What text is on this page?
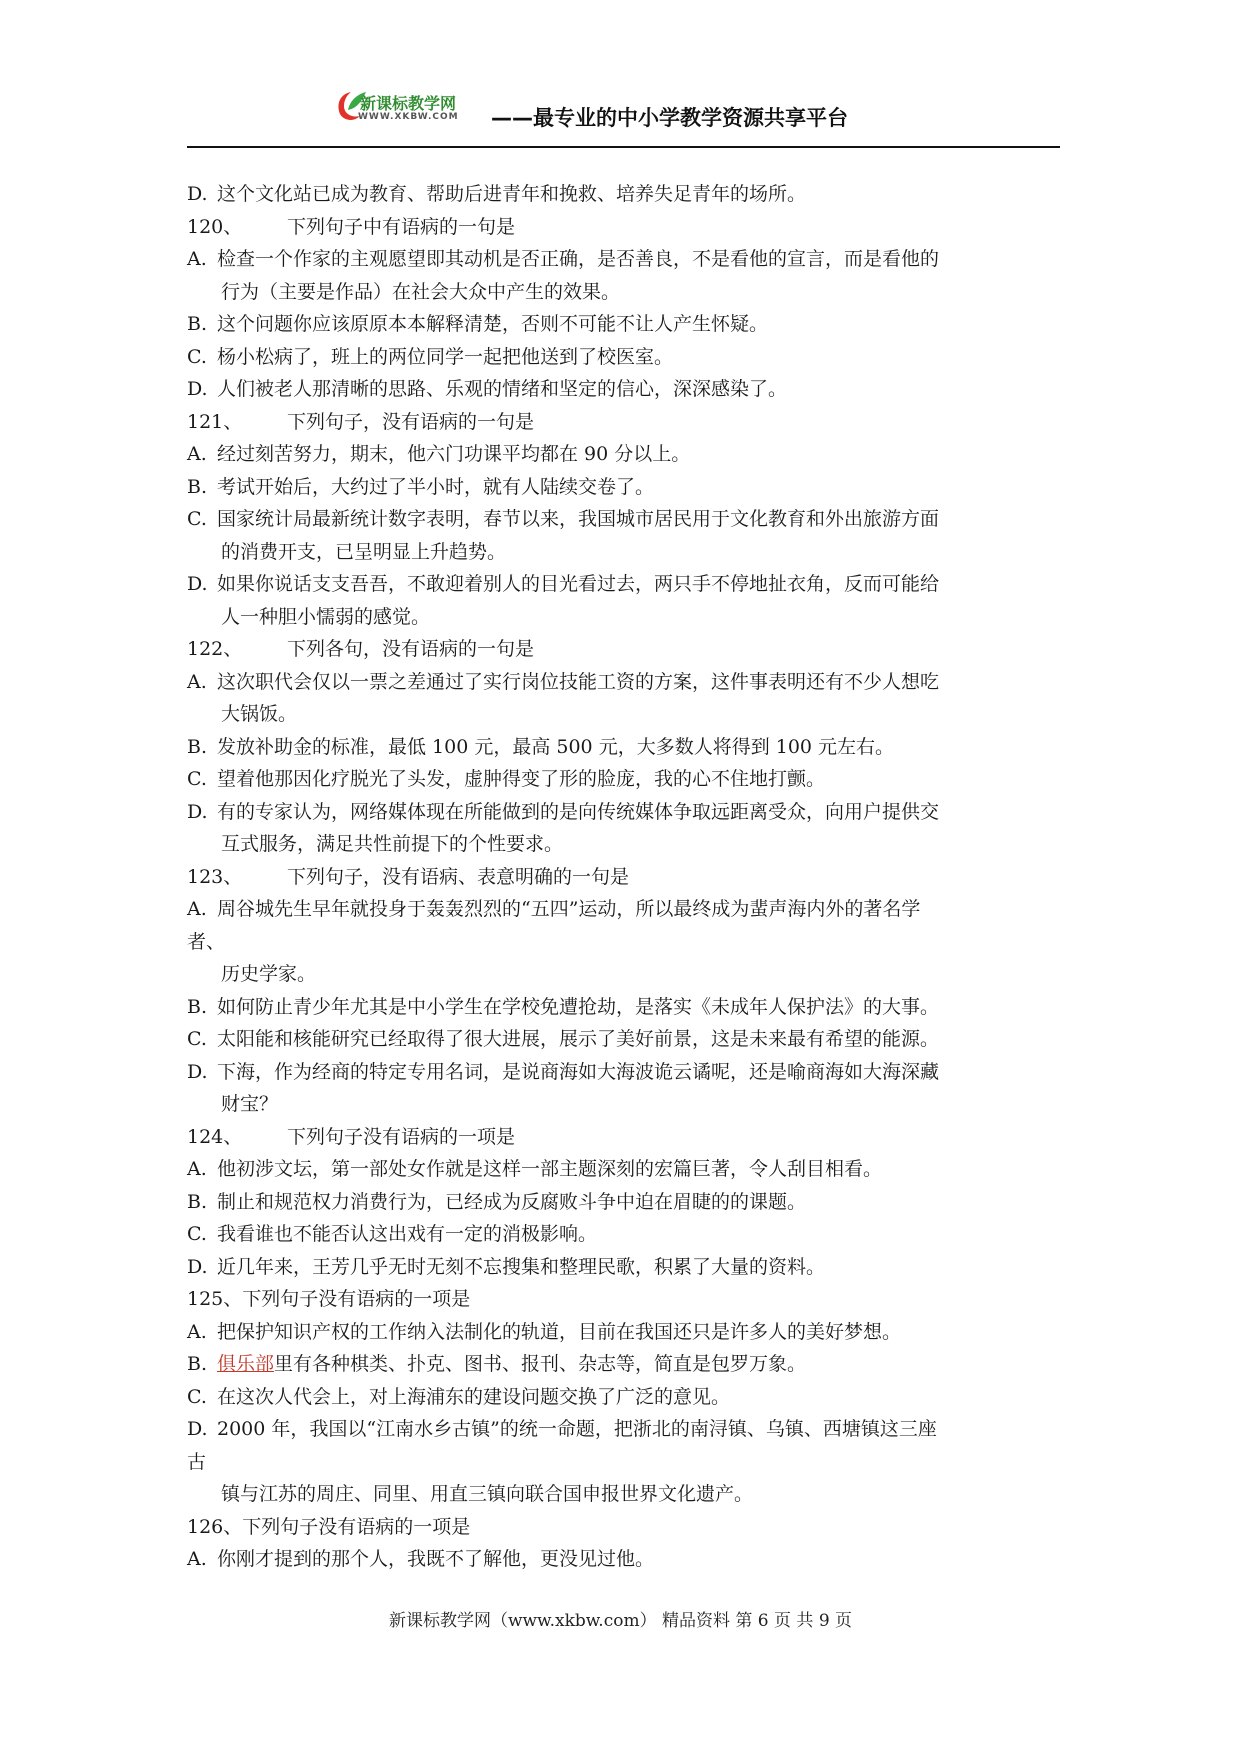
新课标教学网
WWW.XKBW.COM ——最专业的中小学教学资源共享平台
D. 这个文化站已成为教育、帮助后进青年和挽救、培养失足青年的场所。
120、 下列句子中有语病的一句是
A. 检查一个作家的主观愿望即其动机是否正确，是否善良，不是看他的宣言，而是看他的
行为（主要是作品）在社会大众中产生的效果。
B. 这个问题你应该原原本本解释清楚，否则不可能不让人产生怀疑。
C. 杨小松病了，班上的两位同学一起把他送到了校医室。
D. 人们被老人那清晰的思路、乐观的情绪和坚定的信心，深深感染了。
121、 下列句子，没有语病的一句是
A. 经过刻苦努力，期末，他六门功课平均都在 90 分以上。
B. 考试开始后，大约过了半小时，就有人陆续交卷了。
C. 国家统计局最新统计数字表明，春节以来，我国城市居民用于文化教育和外出旅游方面
的消费开支，已呈明显上升趋势。
D. 如果你说话支支吾吾，不敢迎着别人的目光看过去，两只手不停地扯衣角，反而可能给
人一种胆小懦弱的感觉。
122、 下列各句，没有语病的一句是
A. 这次职代会仅以一票之差通过了实行岗位技能工资的方案，这件事表明还有不少人想吃
大锅饭。
B. 发放补助金的标准，最低 100 元，最高 500 元，大多数人将得到 100 元左右。
C. 望着他那因化疗脱光了头发，虚肿得变了形的脸庞，我的心不住地打颤。
D. 有的专家认为，网络媒体现在所能做到的是向传统媒体争取远距离受众，向用户提供交
互式服务，满足共性前提下的个性要求。
123、 下列句子，没有语病、表意明确的一句是
A. 周谷城先生早年就投身于轰轰烈烈的“五四”运动，所以最终成为蜚声海内外的著名学
者、
历史学家。
B. 如何防止青少年尤其是中小学生在学校免遭抢劫，是落实《未成年人保护法》的大事。
C. 太阳能和核能研究已经取得了很大进展，展示了美好前景，这是未来最有希望的能源。
D. 下海，作为经商的特定专用名词，是说商海如大海波诡云谲呢，还是喻商海如大海深藏
财宝？
124、 下列句子没有语病的一项是
A. 他初涉文坛，第一部处女作就是这样一部主题深刻的宏篇巨著，令人刮目相看。
B. 制止和规范权力消费行为，已经成为反腐败斗争中迫在眉睫的的课题。
C. 我看谁也不能否认这出戏有一定的消极影响。
D. 近几年来，王芳几乎无时无刻不忘搜集和整理民歌，积累了大量的资料。
125、下列句子没有语病的一项是
A. 把保护知识产权的工作纳入法制化的轨道，目前在我国还只是许多人的美好梦想。
B. 俱乐部里有各种棋类、扑克、图书、报刊、杂志等，简直是包罗万象。
C. 在这次人代会上，对上海浦东的建设问题交换了广泛的意见。
D. 2000 年，我国以“江南水乡古镇”的统一命题，把浙北的南浔镇、乌镇、西塘镇这三座
古
镇与江苏的周庄、同里、用直三镇向联合国申报世界文化遗产。
126、下列句子没有语病的一项是
A. 你刚才提到的那个人，我既不了解他，更没见过他。
新课标教学网（www.xkbw.com） 精品资料 第 6 页 共 9 页
